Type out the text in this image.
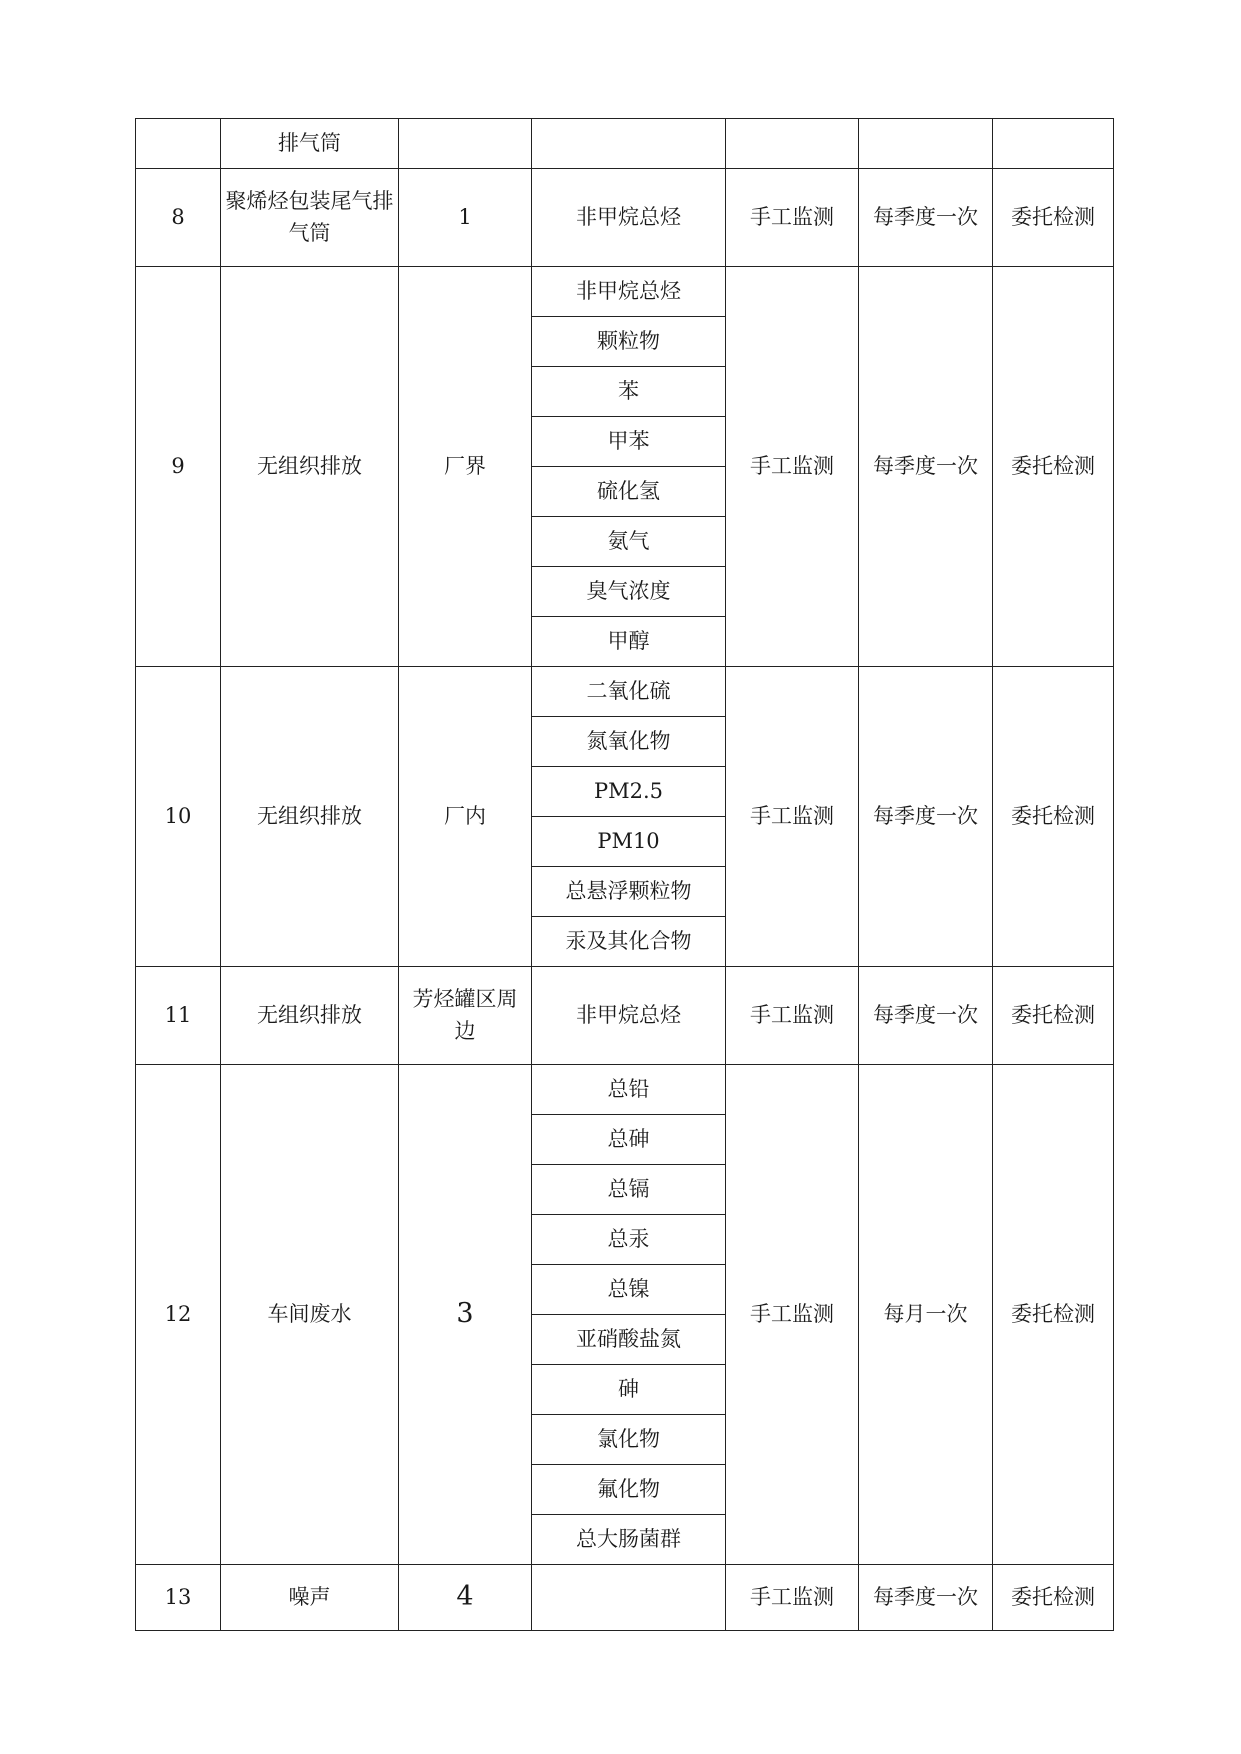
	排气筒					
8	聚烯烃包装尾气排气筒	1	非甲烷总烃	手工监测	每季度一次	委托检测
9	无组织排放	厂界	非甲烷总烃	手工监测	每季度一次	委托检测
			颗粒物			
			苯			
			甲苯			
			硫化氢			
			氨气			
			臭气浓度			
			甲醇			
10	无组织排放	厂内	二氧化硫	手工监测	每季度一次	委托检测
			氮氧化物			
			PM2.5			
			PM10			
			总悬浮颗粒物			
			汞及其化合物			
11	无组织排放	芳烃罐区周边	非甲烷总烃	手工监测	每季度一次	委托检测
12	车间废水	3	总铅	手工监测	每月一次	委托检测
			总砷			
			总镉			
			总汞			
			总镍			
			亚硝酸盐氮			
			砷			
			氯化物			
			氟化物			
			总大肠菌群			
13	噪声	4		手工监测	每季度一次	委托检测
